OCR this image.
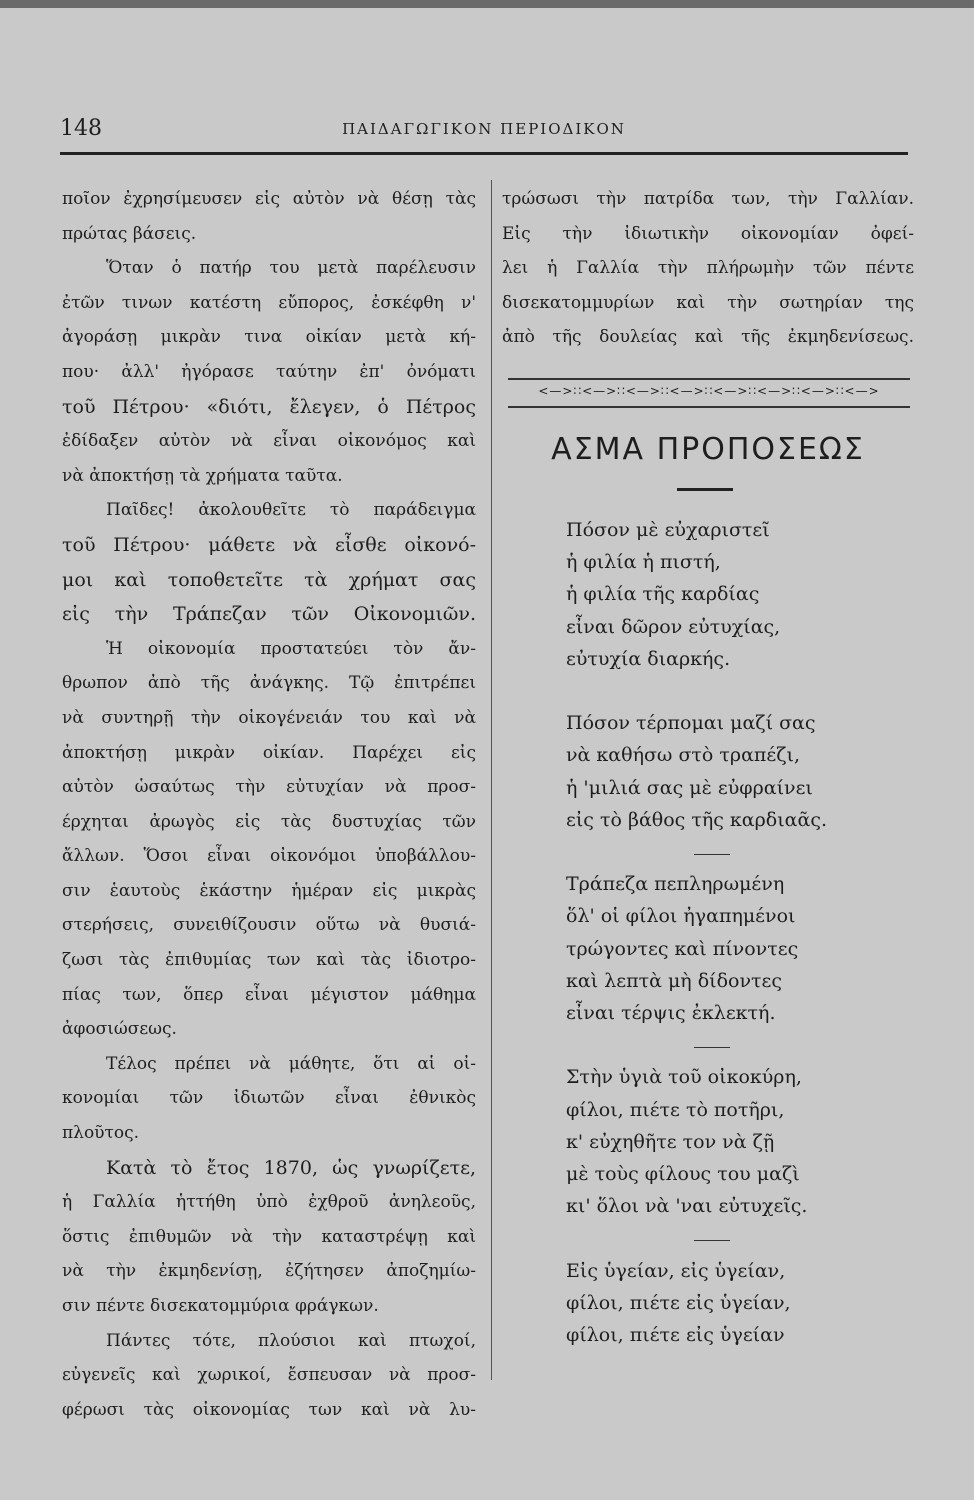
148	ΠΑΙΔΑΓΩΓΙΚΟΝ ΠΕΡΙΟΔΙΚΟΝ
ποῖον ἐχρησίμευσεν εἰς αὐτὸν νὰ θέσῃ τὰς
πρώτας βάσεις.
Ὅταν ὁ πατήρ του μετὰ παρέλευσιν
ἐτῶν τινων κατέστη εὔπορος, ἐσκέφθη ν'
ἀγοράσῃ μικρὰν τινα οἰκίαν μετὰ κή-
που· ἀλλ' ἠγόρασε ταύτην ἐπ' ὀνόματι
τοῦ Πέτρου· «διότι, ἔλεγεν, ὁ Πέτρος
ἐδίδαξεν αὐτὸν νὰ εἶναι οἰκονόμος καὶ
νὰ ἀποκτήσῃ τὰ χρήματα ταῦτα.
Παῖδες! ἀκολουθεῖτε τὸ παράδειγμα
τοῦ Πέτρου· μάθετε νὰ εἶσθε οἰκονό-
μοι καὶ τοποθετεῖτε τὰ χρήματ σας
εἰς τὴν Τράπεζαν τῶν Οἰκονομιῶν.
Ἡ οἰκονομία προστατεύει τὸν ἄν-
θρωπον ἀπὸ τῆς ἀνάγκης. Τῷ ἐπιτρέπει
νὰ συντηρῇ τὴν οἰκογένειάν του καὶ νὰ
ἀποκτήσῃ μικρὰν οἰκίαν. Παρέχει εἰς
αὐτὸν ὡσαύτως τὴν εὐτυχίαν νὰ προσ-
έρχηται ἀρωγὸς εἰς τὰς δυστυχίας τῶν
ἄλλων. Ὅσοι εἶναι οἰκονόμοι ὑποβάλλου-
σιν ἑαυτοὺς ἑκάστην ἡμέραν εἰς μικρὰς
στερήσεις, συνειθίζουσιν οὕτω νὰ θυσιά-
ζωσι τὰς ἐπιθυμίας των καὶ τὰς ἰδιοτρο-
πίας των, ὅπερ εἶναι μέγιστον μάθημα
ἀφοσιώσεως.
Τέλος πρέπει νὰ μάθητε, ὅτι αἱ οἰ-
κονομίαι τῶν ἰδιωτῶν εἶναι ἐθνικὸς
πλοῦτος.
Κατὰ τὸ ἔτος 1870, ὡς γνωρίζετε,
ἡ Γαλλία ἡττήθη ὑπὸ ἐχθροῦ ἀνηλεοῦς,
ὅστις ἐπιθυμῶν νὰ τὴν καταστρέψῃ καὶ
νὰ τὴν ἐκμηδενίσῃ, ἐζήτησεν ἀποζημίω-
σιν πέντε δισεκατομμύρια φράγκων.
Πάντες τότε, πλούσιοι καὶ πτωχοί,
εὐγενεῖς καὶ χωρικοί, ἔσπευσαν νὰ προσ-
φέρωσι τὰς οἰκονομίας των καὶ νὰ λυ-
τρώσωσι τὴν πατρίδα των, τὴν Γαλλίαν.
Εἰς τὴν ἰδιωτικὴν οἰκονομίαν ὀφεί-
λει ἡ Γαλλία τὴν πλήρωμὴν τῶν πέντε
δισεκατομμυρίων καὶ τὴν σωτηρίαν της
ἀπὸ τῆς δουλείας καὶ τῆς ἐκμηδενίσεως.
<—>∷<—>∷<—>∷<—>∷<—>∷<—>∷<—>∷<—>
ΑΣΜΑ ΠΡΟΠΟΣΕΩΣ
Πόσον μὲ εὐχαριστεῖ
ἡ φιλία ἡ πιστή,
ἡ φιλία τῆς καρδίας
εἶναι δῶρον εὐτυχίας,
εὐτυχία διαρκής.
Πόσον τέρπομαι μαζί σας
νὰ καθήσω στὸ τραπέζι,
ἡ 'μιλιά σας μὲ εὐφραίνει
εἰς τὸ βάθος τῆς καρδιαᾶς.
Τράπεζα πεπληρωμένη
ὅλ' οἱ φίλοι ἠγαπημένοι
τρώγοντες καὶ πίνοντες
καὶ λεπτὰ μὴ δίδοντες
εἶναι τέρψις ἐκλεκτή.
Στὴν ὑγιὰ τοῦ οἰκοκύρη,
φίλοι, πιέτε τὸ ποτῆρι,
κ' εὐχηθῆτε τον νὰ ζῇ
μὲ τοὺς φίλους του μαζὶ
κι' ὅλοι νὰ 'ναι εὐτυχεῖς.
Εἰς ὑγείαν, εἰς ὑγείαν,
φίλοι, πιέτε εἰς ὑγείαν,
φίλοι, πιέτε εἰς ὑγείαν
